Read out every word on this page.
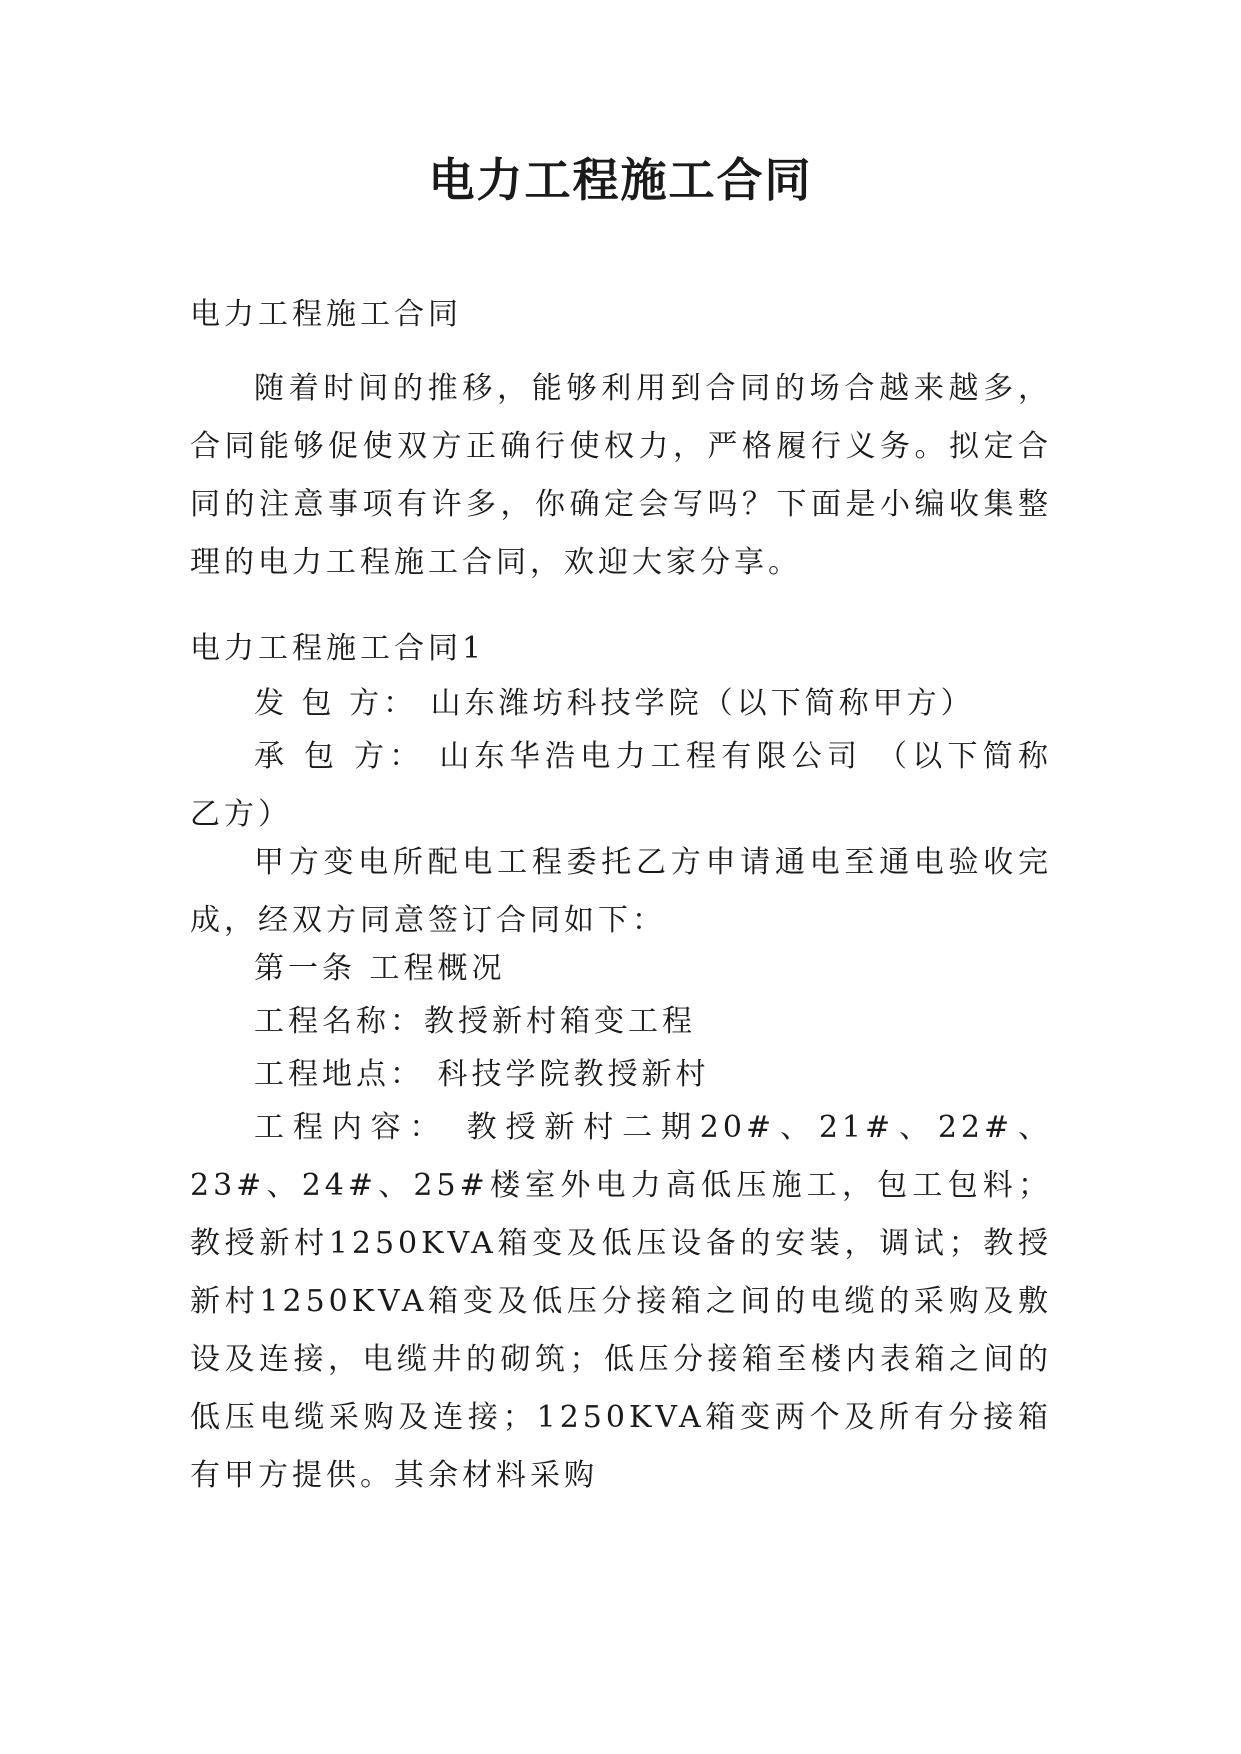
电力工程施工合同

电力工程施工合同

随着时间的推移，能够利用到合同的场合越来越多，合同能够促使双方正确行使权力，严格履行义务。拟定合同的注意事项有许多，你确定会写吗？下面是小编收集整理的电力工程施工合同，欢迎大家分享。

电力工程施工合同1

发 包 方： 山东潍坊科技学院（以下简称甲方）

承 包 方： 山东华浩电力工程有限公司 （以下简称乙方）

甲方变电所配电工程委托乙方申请通电至通电验收完成，经双方同意签订合同如下：

第一条 工程概况

工程名称：教授新村箱变工程

工程地点： 科技学院教授新村

工程内容： 教授新村二期20#、21#、22#、23#、24#、25#楼室外电力高低压施工，包工包料；教授新村1250KVA箱变及低压设备的安装，调试；教授新村1250KVA箱变及低压分接箱之间的电缆的采购及敷设及连接，电缆井的砌筑；低压分接箱至楼内表箱之间的低压电缆采购及连接；1250KVA箱变两个及所有分接箱有甲方提供。其余材料采购
